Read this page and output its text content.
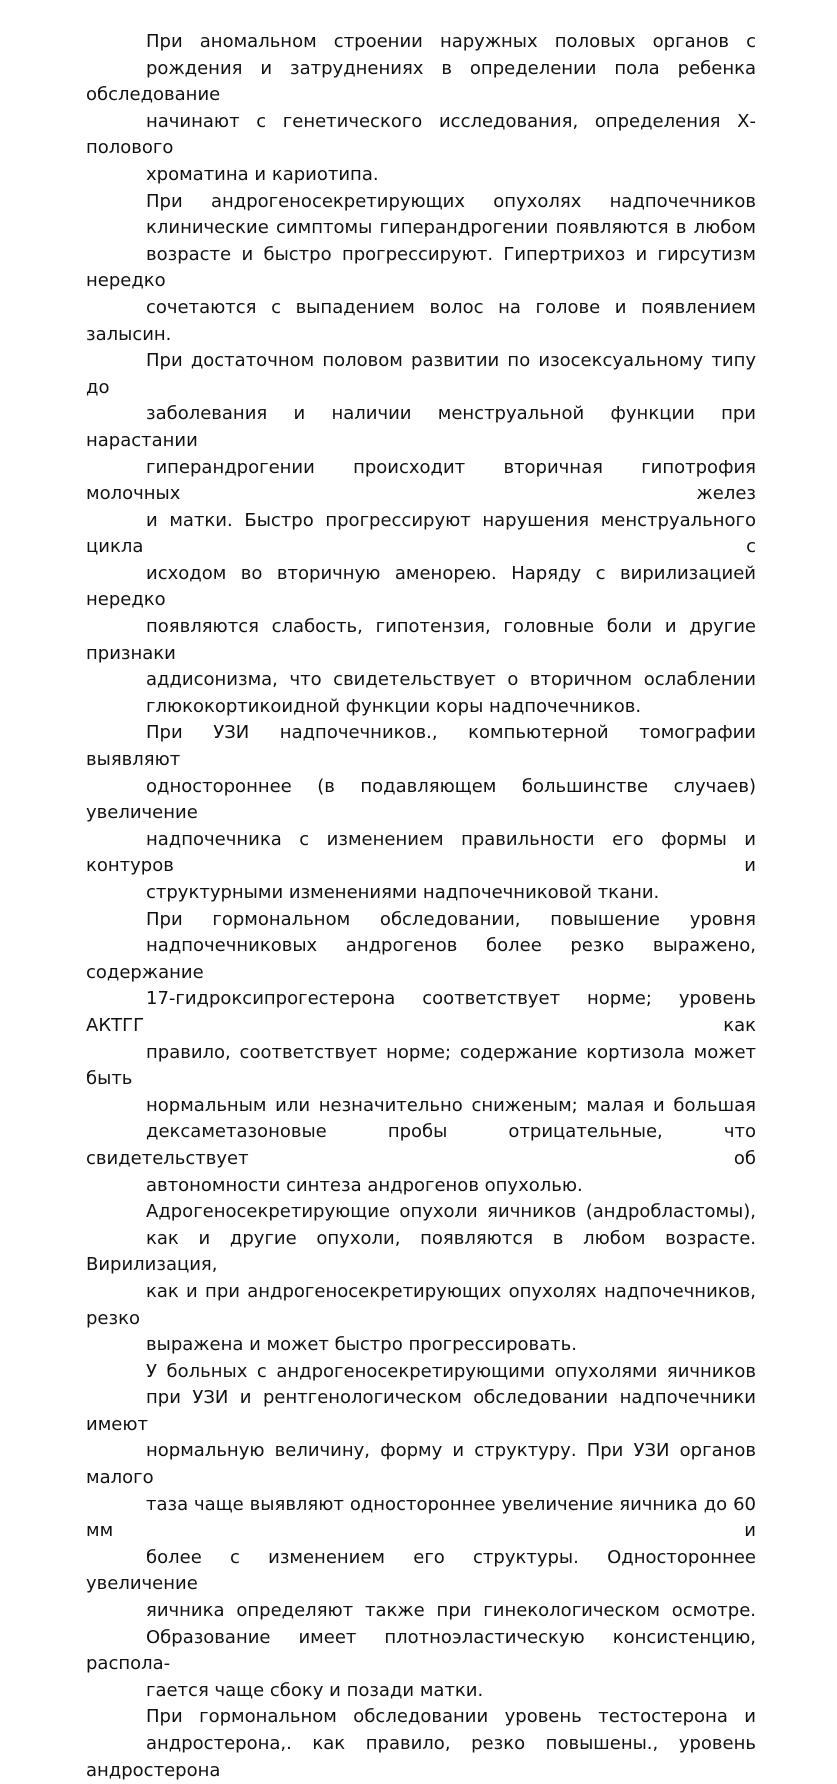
При аномальном строении наружных половых органов с
рождения и затруднениях в определении пола ребенка обследование
начинают с генетического исследования, определения Х-полового
хроматина и кариотипа.

При андрогеносекретирующих опухолях надпочечников
клинические симптомы гиперандрогении появляются в любом
возрасте и быстро прогрессируют. Гипертрихоз и гирсутизм нередко
сочетаются с выпадением волос на голове и появлением залысин.
При достаточном половом развитии по изосексуальному типу до
заболевания и наличии менструальной функции при нарастании
гиперандрогении происходит вторичная гипотрофия молочных желез
и матки. Быстро прогрессируют нарушения менструального цикла с
исходом во вторичную аменорею. Наряду с вирилизацией нередко
появляются слабость, гипотензия, головные боли и другие признаки
аддисонизма, что свидетельствует о вторичном ослаблении
глюкокортикоидной функции коры надпочечников.

При УЗИ надпочечников., компьютерной томографии выявляют
одностороннее (в подавляющем большинстве случаев) увеличение
надпочечника с изменением правильности его формы и контуров и
структурными изменениями надпочечниковой ткани.

При гормональном обследовании, повышение уровня
надпочечниковых андрогенов более резко выражено, содержание
17-гидроксипрогестерона соответствует норме; уровень АКТГГ как
правило, соответствует норме; содержание кортизола может быть
нормальным или незначительно сниженым; малая и большая
дексаметазоновые пробы отрицательные, что свидетельствует об
автономности синтеза андрогенов опухолью.

Адрогеносекретирующие опухоли яичников (андробластомы),
как и другие опухоли, появляются в любом возрасте. Вирилизация,
как и при андрогеносекретирующих опухолях надпочечников, резко
выражена и может быстро прогрессировать.

У больных с андрогеносекретирующими опухолями яичников
при УЗИ и рентгенологическом обследовании надпочечники имеют
нормальную величину, форму и структуру. При УЗИ органов малого
таза чаще выявляют одностороннее увеличение яичника до 60 мм и
более с изменением его структуры. Одностороннее увеличение
яичника определяют также при гинекологическом осмотре.
Образование имеет плотноэластическую консистенцию, распола-
гается чаще сбоку и позади матки.

При гормональном обследовании уровень тестостерона и
андростерона,. как правило, резко повышены., уровень андростерона
